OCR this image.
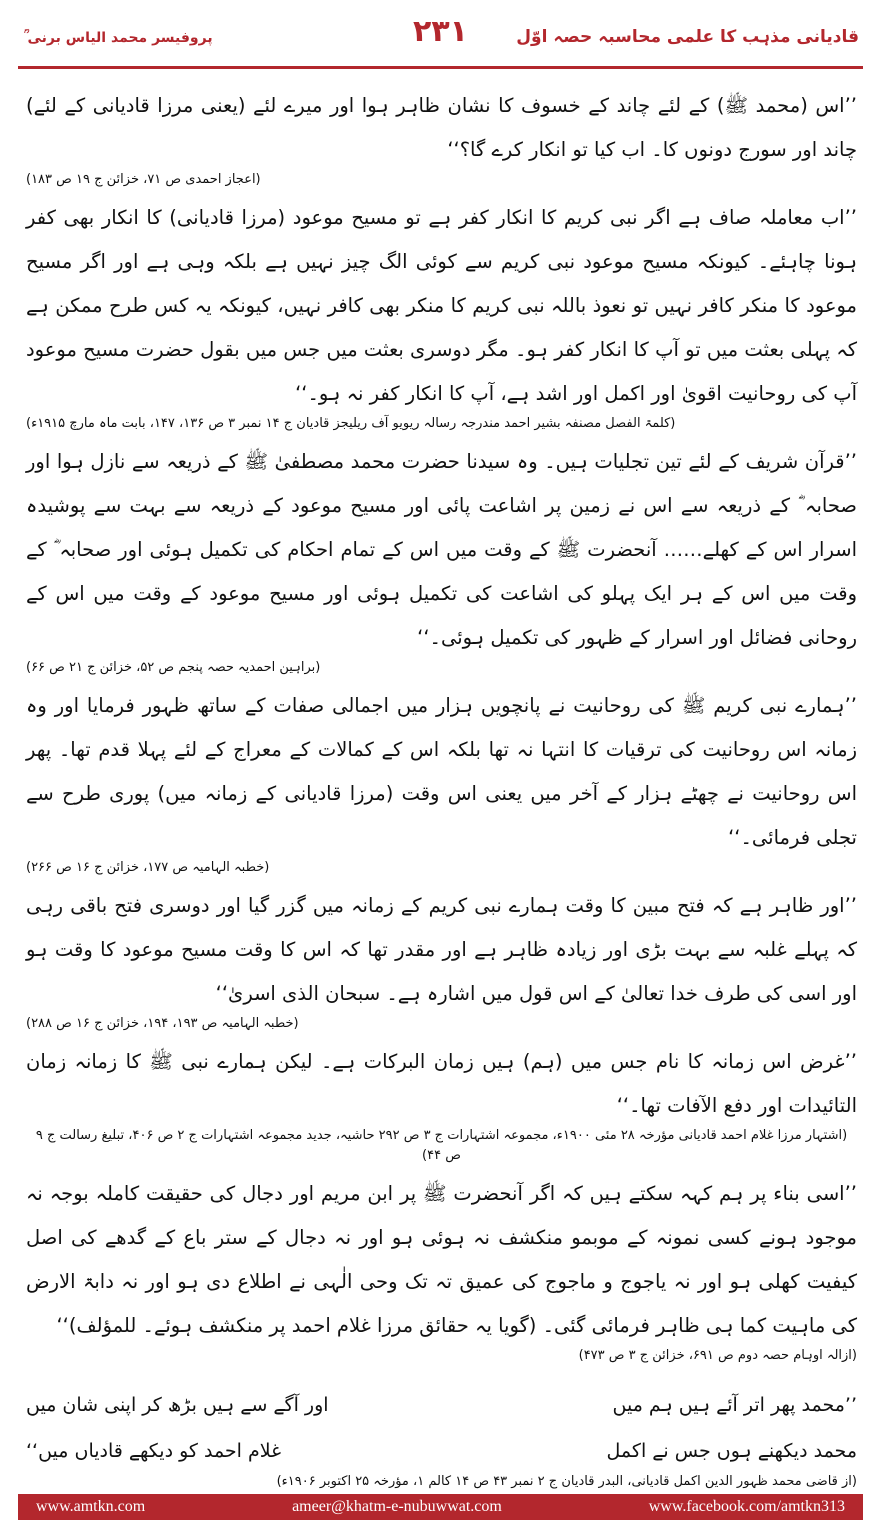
قادیانی مذہب کا علمی محاسبہ حصہ اوّل
۲۳۱
پروفیسر محمد الیاس برنی ؒ

’’اس (محمد ﷺ) کے لئے چاند کے خسوف کا نشان ظاہر ہوا اور میرے لئے (یعنی مرزا قادیانی کے لئے) چاند اور سورج دونوں کا۔ اب کیا تو انکار کرے گا؟‘‘

(اعجاز احمدی ص ۷۱، خزائن ج ۱۹ ص ۱۸۳)

’’اب معاملہ صاف ہے اگر نبی کریم کا انکار کفر ہے تو مسیح موعود (مرزا قادیانی) کا انکار بھی کفر ہونا چاہئے۔ کیونکہ مسیح موعود نبی کریم سے کوئی الگ چیز نہیں ہے بلکہ وہی ہے اور اگر مسیح موعود کا منکر کافر نہیں تو نعوذ باللہ نبی کریم کا منکر بھی کافر نہیں، کیونکہ یہ کس طرح ممکن ہے کہ پہلی بعثت میں تو آپ کا انکار کفر ہو۔ مگر دوسری بعثت میں جس میں بقول حضرت مسیح موعود آپ کی روحانیت اقویٰ اور اکمل اور اشد ہے، آپ کا انکار کفر نہ ہو۔‘‘

(کلمۃ الفصل مصنفہ بشیر احمد مندرجہ رسالہ ریویو آف ریلیجز قادیان ج ۱۴ نمبر ۳ ص ۱۳۶، ۱۴۷، بابت ماہ مارچ ۱۹۱۵ء)

’’قرآن شریف کے لئے تین تجلیات ہیں۔ وہ سیدنا حضرت محمد مصطفیٰ ﷺ کے ذریعہ سے نازل ہوا اور صحابہ ؓ کے ذریعہ سے اس نے زمین پر اشاعت پائی اور مسیح موعود کے ذریعہ سے بہت سے پوشیدہ اسرار اس کے کھلے…… آنحضرت ﷺ کے وقت میں اس کے تمام احکام کی تکمیل ہوئی اور صحابہ ؓ کے وقت میں اس کے ہر ایک پہلو کی اشاعت کی تکمیل ہوئی اور مسیح موعود کے وقت میں اس کے روحانی فضائل اور اسرار کے ظہور کی تکمیل ہوئی۔‘‘

(براہین احمدیہ حصہ پنجم ص ۵۲، خزائن ج ۲۱ ص ۶۶)

’’ہمارے نبی کریم ﷺ کی روحانیت نے پانچویں ہزار میں اجمالی صفات کے ساتھ ظہور فرمایا اور وہ زمانہ اس روحانیت کی ترقیات کا انتہا نہ تھا بلکہ اس کے کمالات کے معراج کے لئے پہلا قدم تھا۔ پھر اس روحانیت نے چھٹے ہزار کے آخر میں یعنی اس وقت (مرزا قادیانی کے زمانہ میں) پوری طرح سے تجلی فرمائی۔‘‘

(خطبہ الہامیہ ص ۱۷۷، خزائن ج ۱۶ ص ۲۶۶)

’’اور ظاہر ہے کہ فتح مبین کا وقت ہمارے نبی کریم کے زمانہ میں گزر گیا اور دوسری فتح باقی رہی کہ پہلے غلبہ سے بہت بڑی اور زیادہ ظاہر ہے اور مقدر تھا کہ اس کا وقت مسیح موعود کا وقت ہو اور اسی کی طرف خدا تعالیٰ کے اس قول میں اشارہ ہے۔ سبحان الذی اسریٰ‘‘

(خطبہ الہامیہ ص ۱۹۳، ۱۹۴، خزائن ج ۱۶ ص ۲۸۸)

’’غرض اس زمانہ کا نام جس میں (ہم) ہیں زمان البرکات ہے۔ لیکن ہمارے نبی ﷺ کا زمانہ زمان التائیدات اور دفع الآفات تھا۔‘‘

(اشتہار مرزا غلام احمد قادیانی مؤرخہ ۲۸ مئی ۱۹۰۰ء، مجموعہ اشتہارات ج ۳ ص ۲۹۲ حاشیہ، جدید مجموعہ اشتہارات ج ۲ ص ۴۰۶، تبلیغ رسالت ج ۹ ص ۴۴)

’’اسی بناء پر ہم کہہ سکتے ہیں کہ اگر آنحضرت ﷺ پر ابن مریم اور دجال کی حقیقت کاملہ بوجہ نہ موجود ہونے کسی نمونہ کے موبمو منکشف نہ ہوئی ہو اور نہ دجال کے ستر باع کے گدھے کی اصل کیفیت کھلی ہو اور نہ یاجوج و ماجوج کی عمیق تہ تک وحی الٰہی نے اطلاع دی ہو اور نہ دابۃ الارض کی ماہیت کما ہی ظاہر فرمائی گئی۔ (گویا یہ حقائق مرزا غلام احمد پر منکشف ہوئے۔ للمؤلف)‘‘

(ازالہ اوہام حصہ دوم ص ۶۹۱، خزائن ج ۳ ص ۴۷۳)

’’محمد پھر اتر آئے ہیں ہم میں
اور آگے سے ہیں بڑھ کر اپنی شان میں
محمد دیکھنے ہوں جس نے اکمل
غلام احمد کو دیکھے قادیاں میں‘‘

(از قاضی محمد ظہور الدین اکمل قادیانی، البدر قادیان ج ۲ نمبر ۴۳ ص ۱۴ کالم ۱، مؤرخہ ۲۵ اکتوبر ۱۹۰۶ء)

www.amtkn.com	ameer@khatm-e-nubuwwat.com	www.facebook.com/amtkn313
